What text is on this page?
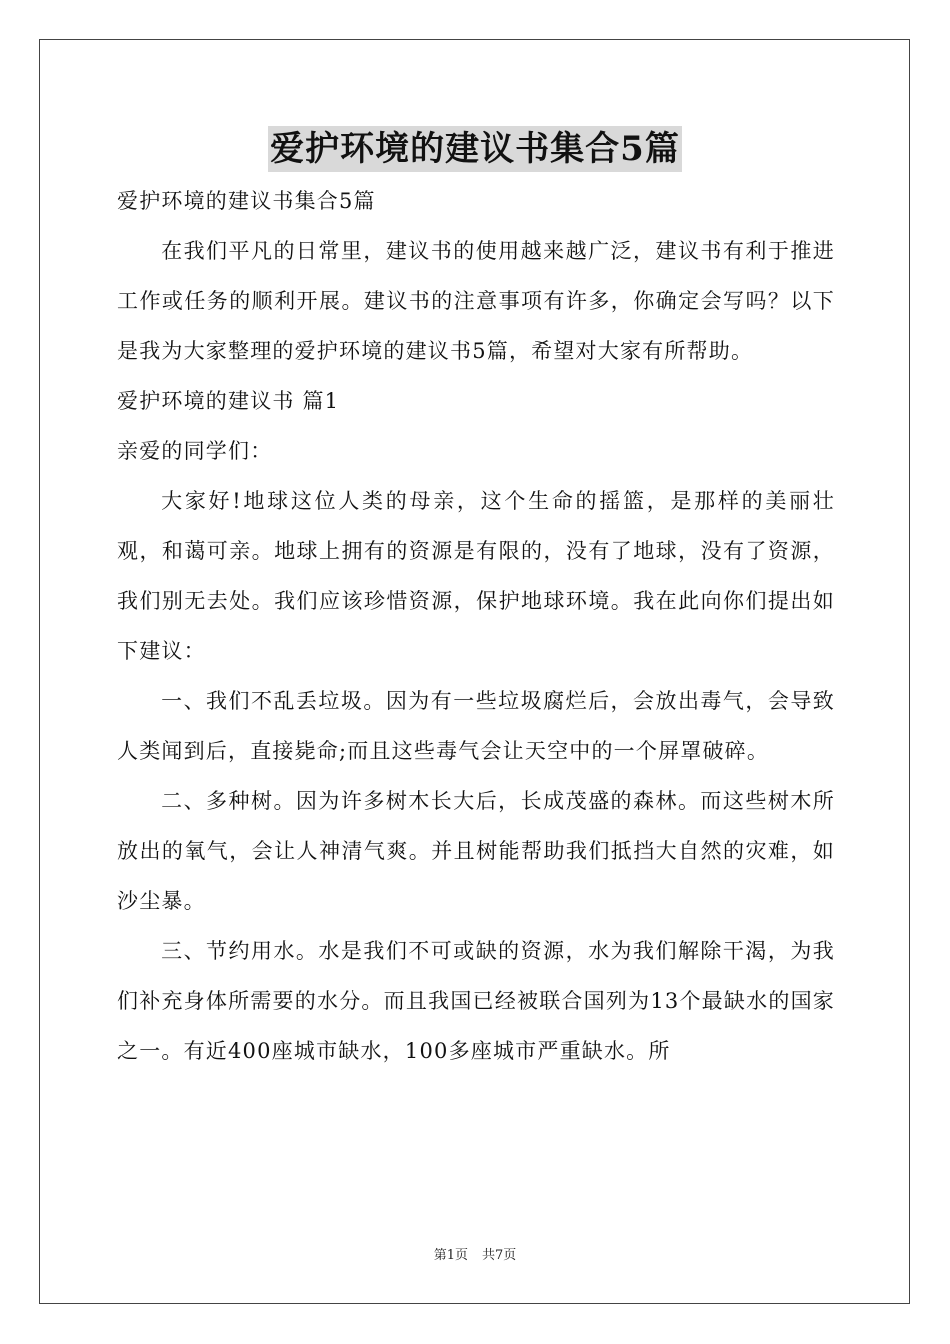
爱护环境的建议书集合5篇

爱护环境的建议书集合5篇

在我们平凡的日常里，建议书的使用越来越广泛，建议书有利于推进工作或任务的顺利开展。建议书的注意事项有许多，你确定会写吗？以下是我为大家整理的爱护环境的建议书5篇，希望对大家有所帮助。

爱护环境的建议书 篇1

亲爱的同学们：

大家好!地球这位人类的母亲，这个生命的摇篮，是那样的美丽壮观，和蔼可亲。地球上拥有的资源是有限的，没有了地球，没有了资源，我们别无去处。我们应该珍惜资源，保护地球环境。我在此向你们提出如下建议：

一、我们不乱丢垃圾。因为有一些垃圾腐烂后，会放出毒气，会导致人类闻到后，直接毙命;而且这些毒气会让天空中的一个屏罩破碎。

二、多种树。因为许多树木长大后，长成茂盛的森林。而这些树木所放出的氧气，会让人神清气爽。并且树能帮助我们抵挡大自然的灾难，如沙尘暴。

三、节约用水。水是我们不可或缺的资源，水为我们解除干渴，为我们补充身体所需要的水分。而且我国已经被联合国列为13个最缺水的国家之一。有近400座城市缺水，100多座城市严重缺水。所

第1页 共7页
